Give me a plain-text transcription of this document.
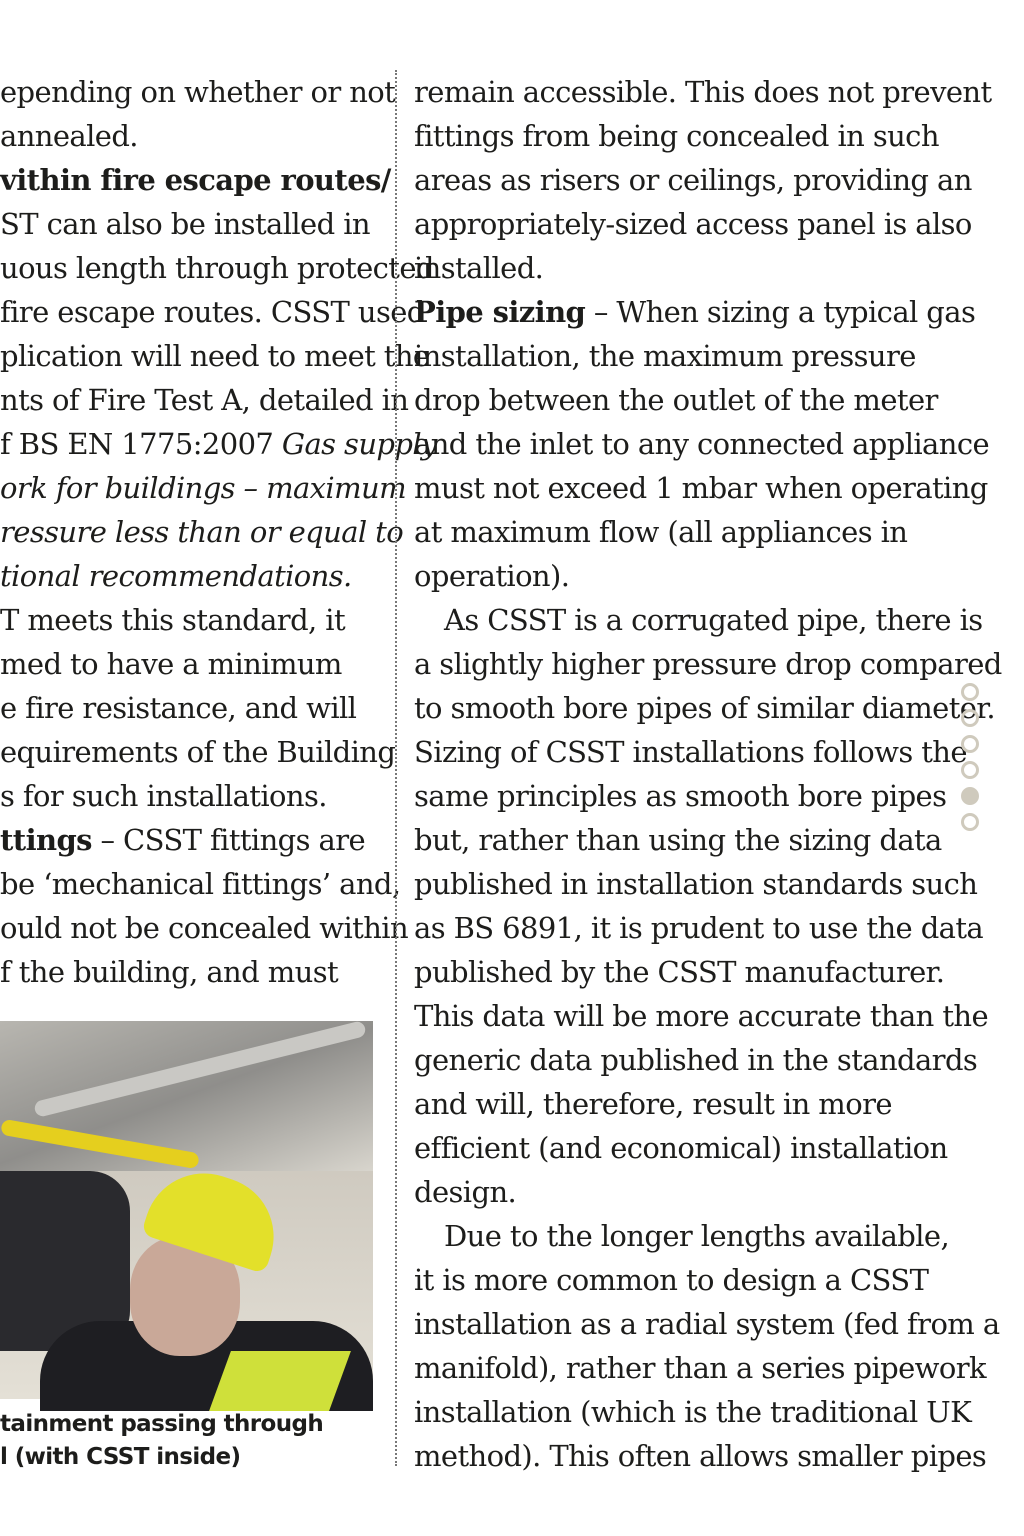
epending on whether or not
annealed.
vithin fire escape routes/
ST can also be installed in
uous length through protected
fire escape routes. CSST used
plication will need to meet the
nts of Fire Test A, detailed in
f BS EN 1775:2007 Gas supply
ork for buildings – maximum
ressure less than or equal to
tional recommendations.
T meets this standard, it
med to have a minimum
e fire resistance, and will
equirements of the Building
s for such installations.
ttings – CSST fittings are
be ‘mechanical fittings’ and,
ould not be concealed within
f the building, and must
remain accessible. This does not prevent
fittings from being concealed in such
areas as risers or ceilings, providing an
appropriately-sized access panel is also
installed.
Pipe sizing – When sizing a typical gas
installation, the maximum pressure
drop between the outlet of the meter
and the inlet to any connected appliance
must not exceed 1 mbar when operating
at maximum flow (all appliances in
operation).
As CSST is a corrugated pipe, there is
a slightly higher pressure drop compared
to smooth bore pipes of similar diameter.
Sizing of CSST installations follows the
same principles as smooth bore pipes
but, rather than using the sizing data
published in installation standards such
as BS 6891, it is prudent to use the data
published by the CSST manufacturer.
This data will be more accurate than the
generic data published in the standards
and will, therefore, result in more
efficient (and economical) installation
design.
Due to the longer lengths available,
it is more common to design a CSST
installation as a radial system (fed from a
manifold), rather than a series pipework
installation (which is the traditional UK
method). This often allows smaller pipes
tainment passing through
l (with CSST inside)
